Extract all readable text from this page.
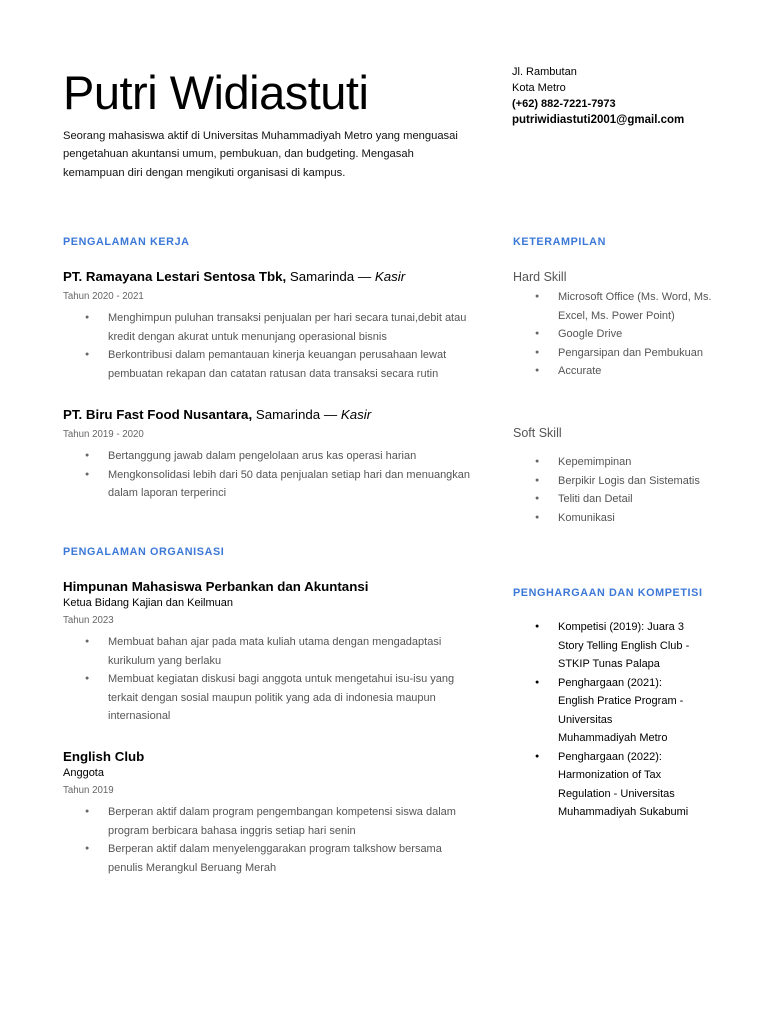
Putri Widiastuti
Seorang mahasiswa aktif di Universitas Muhammadiyah Metro yang menguasai pengetahuan akuntansi umum, pembukuan, dan budgeting. Mengasah kemampuan diri dengan mengikuti organisasi di kampus.
Jl. Rambutan
Kota Metro
(+62) 882-7221-7973
putriwidiastuti2001@gmail.com
PENGALAMAN KERJA
PT. Ramayana Lestari Sentosa Tbk, Samarinda — Kasir
Tahun 2020 - 2021
● Menghimpun puluhan transaksi penjualan per hari secara tunai,debit atau kredit dengan akurat untuk menunjang operasional bisnis
● Berkontribusi dalam pemantauan kinerja keuangan perusahaan lewat pembuatan rekapan dan catatan ratusan data transaksi secara rutin
PT. Biru Fast Food Nusantara, Samarinda — Kasir
Tahun 2019 - 2020
● Bertanggung jawab dalam pengelolaan arus kas operasi harian
● Mengkonsolidasi lebih dari 50 data penjualan setiap hari dan menuangkan dalam laporan terperinci
PENGALAMAN ORGANISASI
Himpunan Mahasiswa Perbankan dan Akuntansi
Ketua Bidang Kajian dan Keilmuan
Tahun 2023
● Membuat bahan ajar pada mata kuliah utama dengan mengadaptasi kurikulum yang berlaku
● Membuat kegiatan diskusi bagi anggota untuk mengetahui isu-isu yang terkait dengan sosial maupun politik yang ada di indonesia maupun internasional
English Club
Anggota
Tahun 2019
● Berperan aktif dalam program pengembangan kompetensi siswa dalam program berbicara bahasa inggris setiap hari senin
● Berperan aktif dalam menyelenggarakan program talkshow bersama penulis Merangkul Beruang Merah
KETERAMPILAN
Hard Skill
● Microsoft Office (Ms. Word, Ms. Excel, Ms. Power Point)
● Google Drive
● Pengarsipan dan Pembukuan
● Accurate
Soft Skill
● Kepemimpinan
● Berpikir Logis dan Sistematis
● Teliti dan Detail
● Komunikasi
PENGHARGAAN DAN KOMPETISI
● Kompetisi (2019): Juara 3 Story Telling English Club - STKIP Tunas Palapa
● Penghargaan (2021): English Pratice Program - Universitas Muhammadiyah Metro
● Penghargaan (2022): Harmonization of Tax Regulation - Universitas Muhammadiyah Sukabumi
